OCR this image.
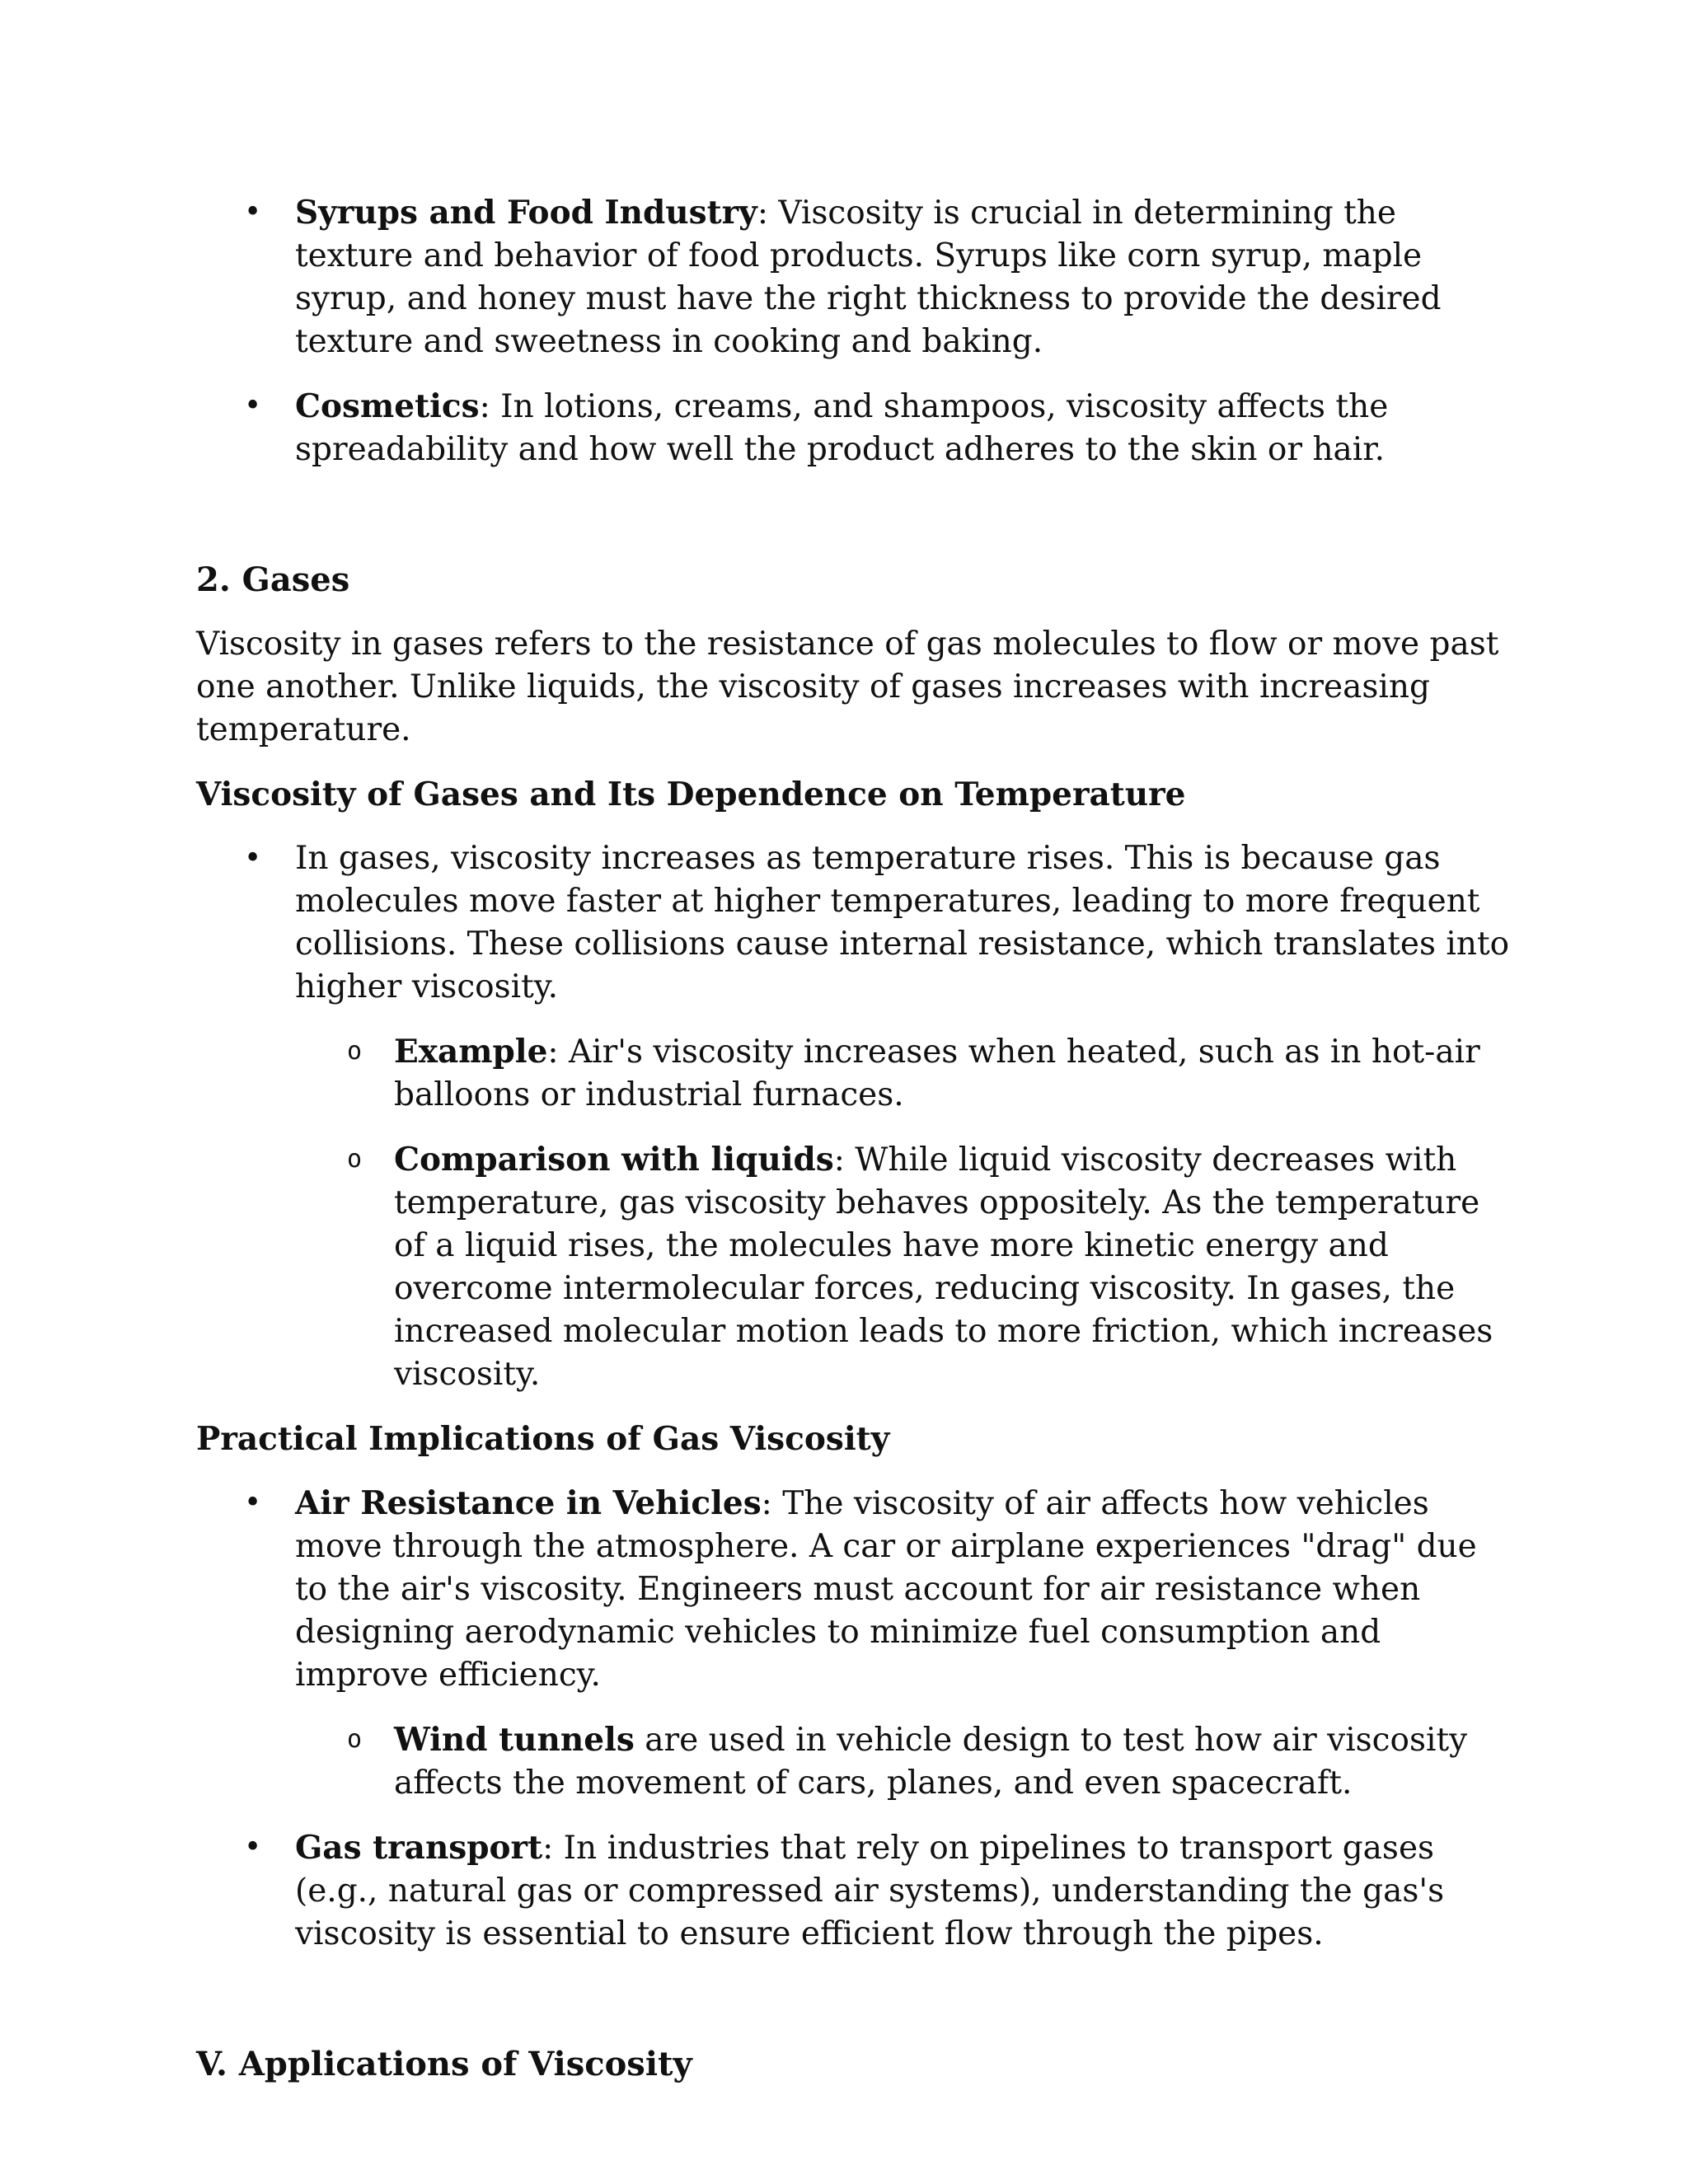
• Syrups and Food Industry: Viscosity is crucial in determining the texture and behavior of food products. Syrups like corn syrup, maple syrup, and honey must have the right thickness to provide the desired texture and sweetness in cooking and baking.
• Cosmetics: In lotions, creams, and shampoos, viscosity affects the spreadability and how well the product adheres to the skin or hair.

2. Gases

Viscosity in gases refers to the resistance of gas molecules to flow or move past one another. Unlike liquids, the viscosity of gases increases with increasing temperature.

Viscosity of Gases and Its Dependence on Temperature

• In gases, viscosity increases as temperature rises. This is because gas molecules move faster at higher temperatures, leading to more frequent collisions. These collisions cause internal resistance, which translates into higher viscosity.
o Example: Air's viscosity increases when heated, such as in hot-air balloons or industrial furnaces.
o Comparison with liquids: While liquid viscosity decreases with temperature, gas viscosity behaves oppositely. As the temperature of a liquid rises, the molecules have more kinetic energy and overcome intermolecular forces, reducing viscosity. In gases, the increased molecular motion leads to more friction, which increases viscosity.

Practical Implications of Gas Viscosity

• Air Resistance in Vehicles: The viscosity of air affects how vehicles move through the atmosphere. A car or airplane experiences "drag" due to the air's viscosity. Engineers must account for air resistance when designing aerodynamic vehicles to minimize fuel consumption and improve efficiency.
o Wind tunnels are used in vehicle design to test how air viscosity affects the movement of cars, planes, and even spacecraft.
• Gas transport: In industries that rely on pipelines to transport gases (e.g., natural gas or compressed air systems), understanding the gas's viscosity is essential to ensure efficient flow through the pipes.

V. Applications of Viscosity
